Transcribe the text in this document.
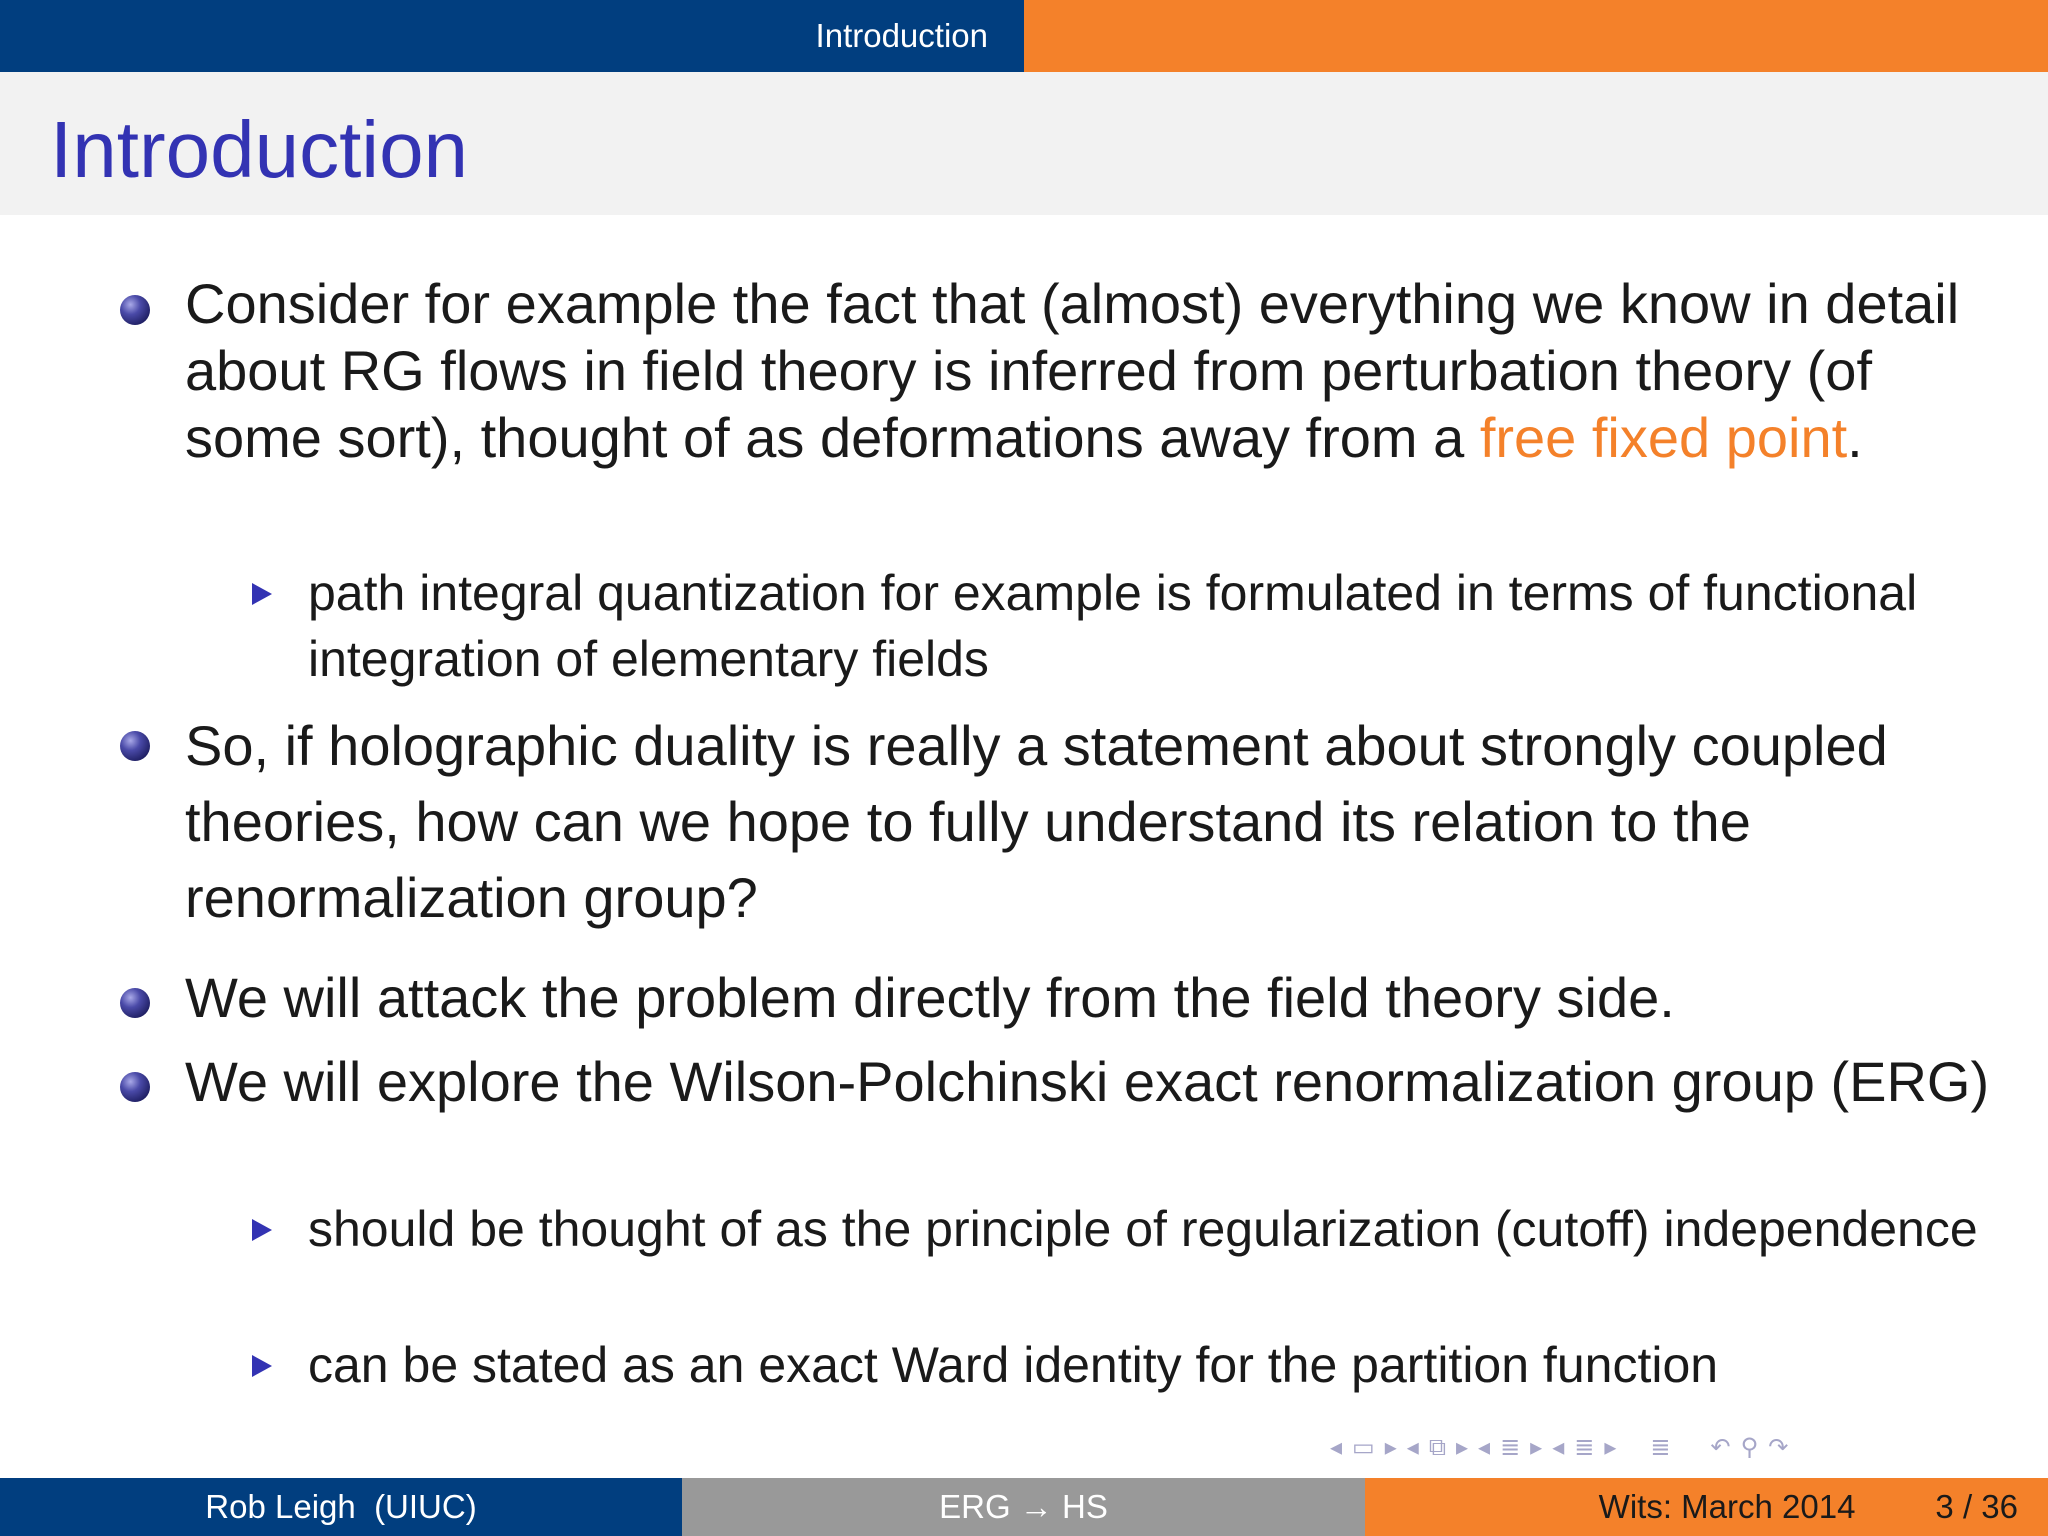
Introduction
Introduction
Consider for example the fact that (almost) everything we know in detail about RG flows in field theory is inferred from perturbation theory (of some sort), thought of as deformations away from a free fixed point.
path integral quantization for example is formulated in terms of functional integration of elementary fields
So, if holographic duality is really a statement about strongly coupled theories, how can we hope to fully understand its relation to the renormalization group?
We will attack the problem directly from the field theory side.
We will explore the Wilson-Polchinski exact renormalization group (ERG)
should be thought of as the principle of regularization (cutoff) independence
can be stated as an exact Ward identity for the partition function
◂ ▭ ▸ ◂ ⧉ ▸ ◂ ≣ ▸ ◂ ≣ ▸ ≣ ↶ ⚲ ↷
Rob Leigh  (UIUC)	ERG → HS	Wits: March 2014 3 / 36
